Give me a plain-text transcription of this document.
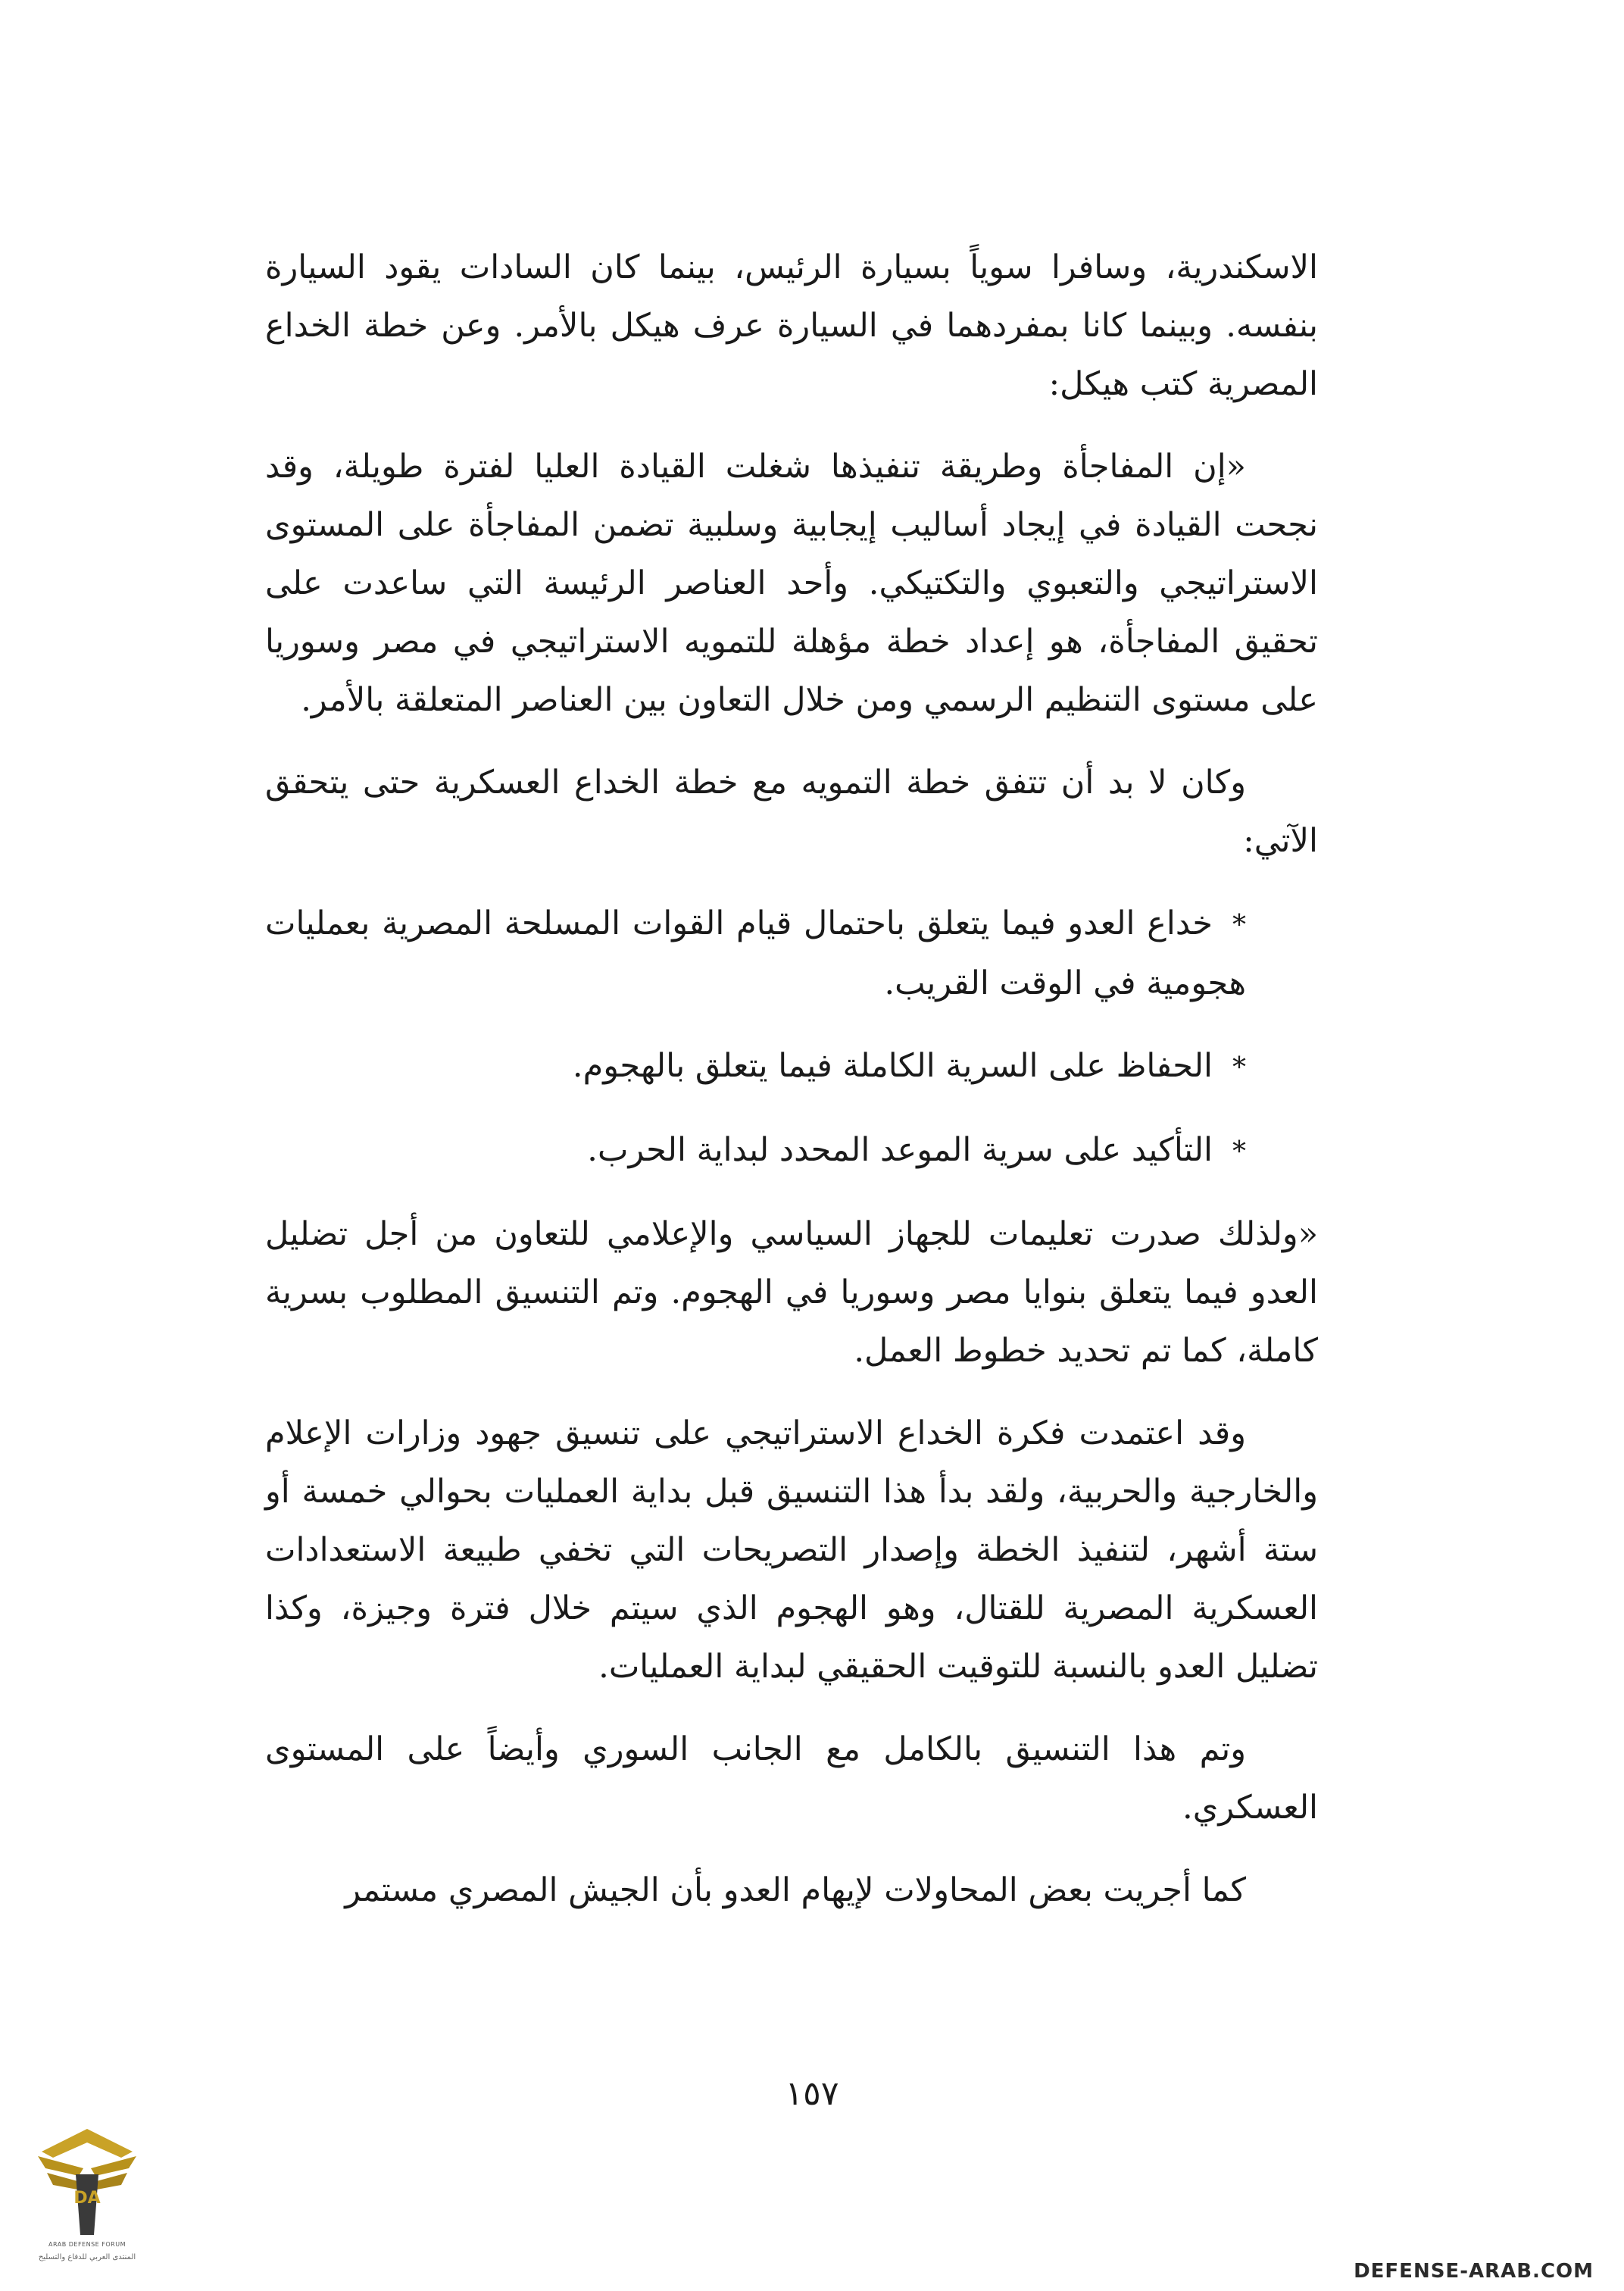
الاسكندرية، وسافرا سوياً بسيارة الرئيس، بينما كان السادات يقود السيارة بنفسه. وبينما كانا بمفردهما في السيارة عرف هيكل بالأمر. وعن خطة الخداع المصرية كتب هيكل:

«إن المفاجأة وطريقة تنفيذها شغلت القيادة العليا لفترة طويلة، وقد نجحت القيادة في إيجاد أساليب إيجابية وسلبية تضمن المفاجأة على المستوى الاستراتيجي والتعبوي والتكتيكي. وأحد العناصر الرئيسة التي ساعدت على تحقيق المفاجأة، هو إعداد خطة مؤهلة للتمويه الاستراتيجي في مصر وسوريا على مستوى التنظيم الرسمي ومن خلال التعاون بين العناصر المتعلقة بالأمر.

وكان لا بد أن تتفق خطة التمويه مع خطة الخداع العسكرية حتى يتحقق الآتي:

*خداع العدو فيما يتعلق باحتمال قيام القوات المسلحة المصرية بعمليات هجومية في الوقت القريب.

*الحفاظ على السرية الكاملة فيما يتعلق بالهجوم.

*التأكيد على سرية الموعد المحدد لبداية الحرب.

«ولذلك صدرت تعليمات للجهاز السياسي والإعلامي للتعاون من أجل تضليل العدو فيما يتعلق بنوايا مصر وسوريا في الهجوم. وتم التنسيق المطلوب بسرية كاملة، كما تم تحديد خطوط العمل.

وقد اعتمدت فكرة الخداع الاستراتيجي على تنسيق جهود وزارات الإعلام والخارجية والحربية، ولقد بدأ هذا التنسيق قبل بداية العمليات بحوالي خمسة أو ستة أشهر، لتنفيذ الخطة وإصدار التصريحات التي تخفي طبيعة الاستعدادات العسكرية المصرية للقتال، وهو الهجوم الذي سيتم خلال فترة وجيزة، وكذا تضليل العدو بالنسبة للتوقيت الحقيقي لبداية العمليات.

وتم هذا التنسيق بالكامل مع الجانب السوري وأيضاً على المستوى العسكري.

كما أجريت بعض المحاولات لإيهام العدو بأن الجيش المصري مستمر

١٥٧
DA
ARAB DEFENSE FORUM
المنتدى العربي للدفاع والتسليح
DEFENSE-ARAB.COM
